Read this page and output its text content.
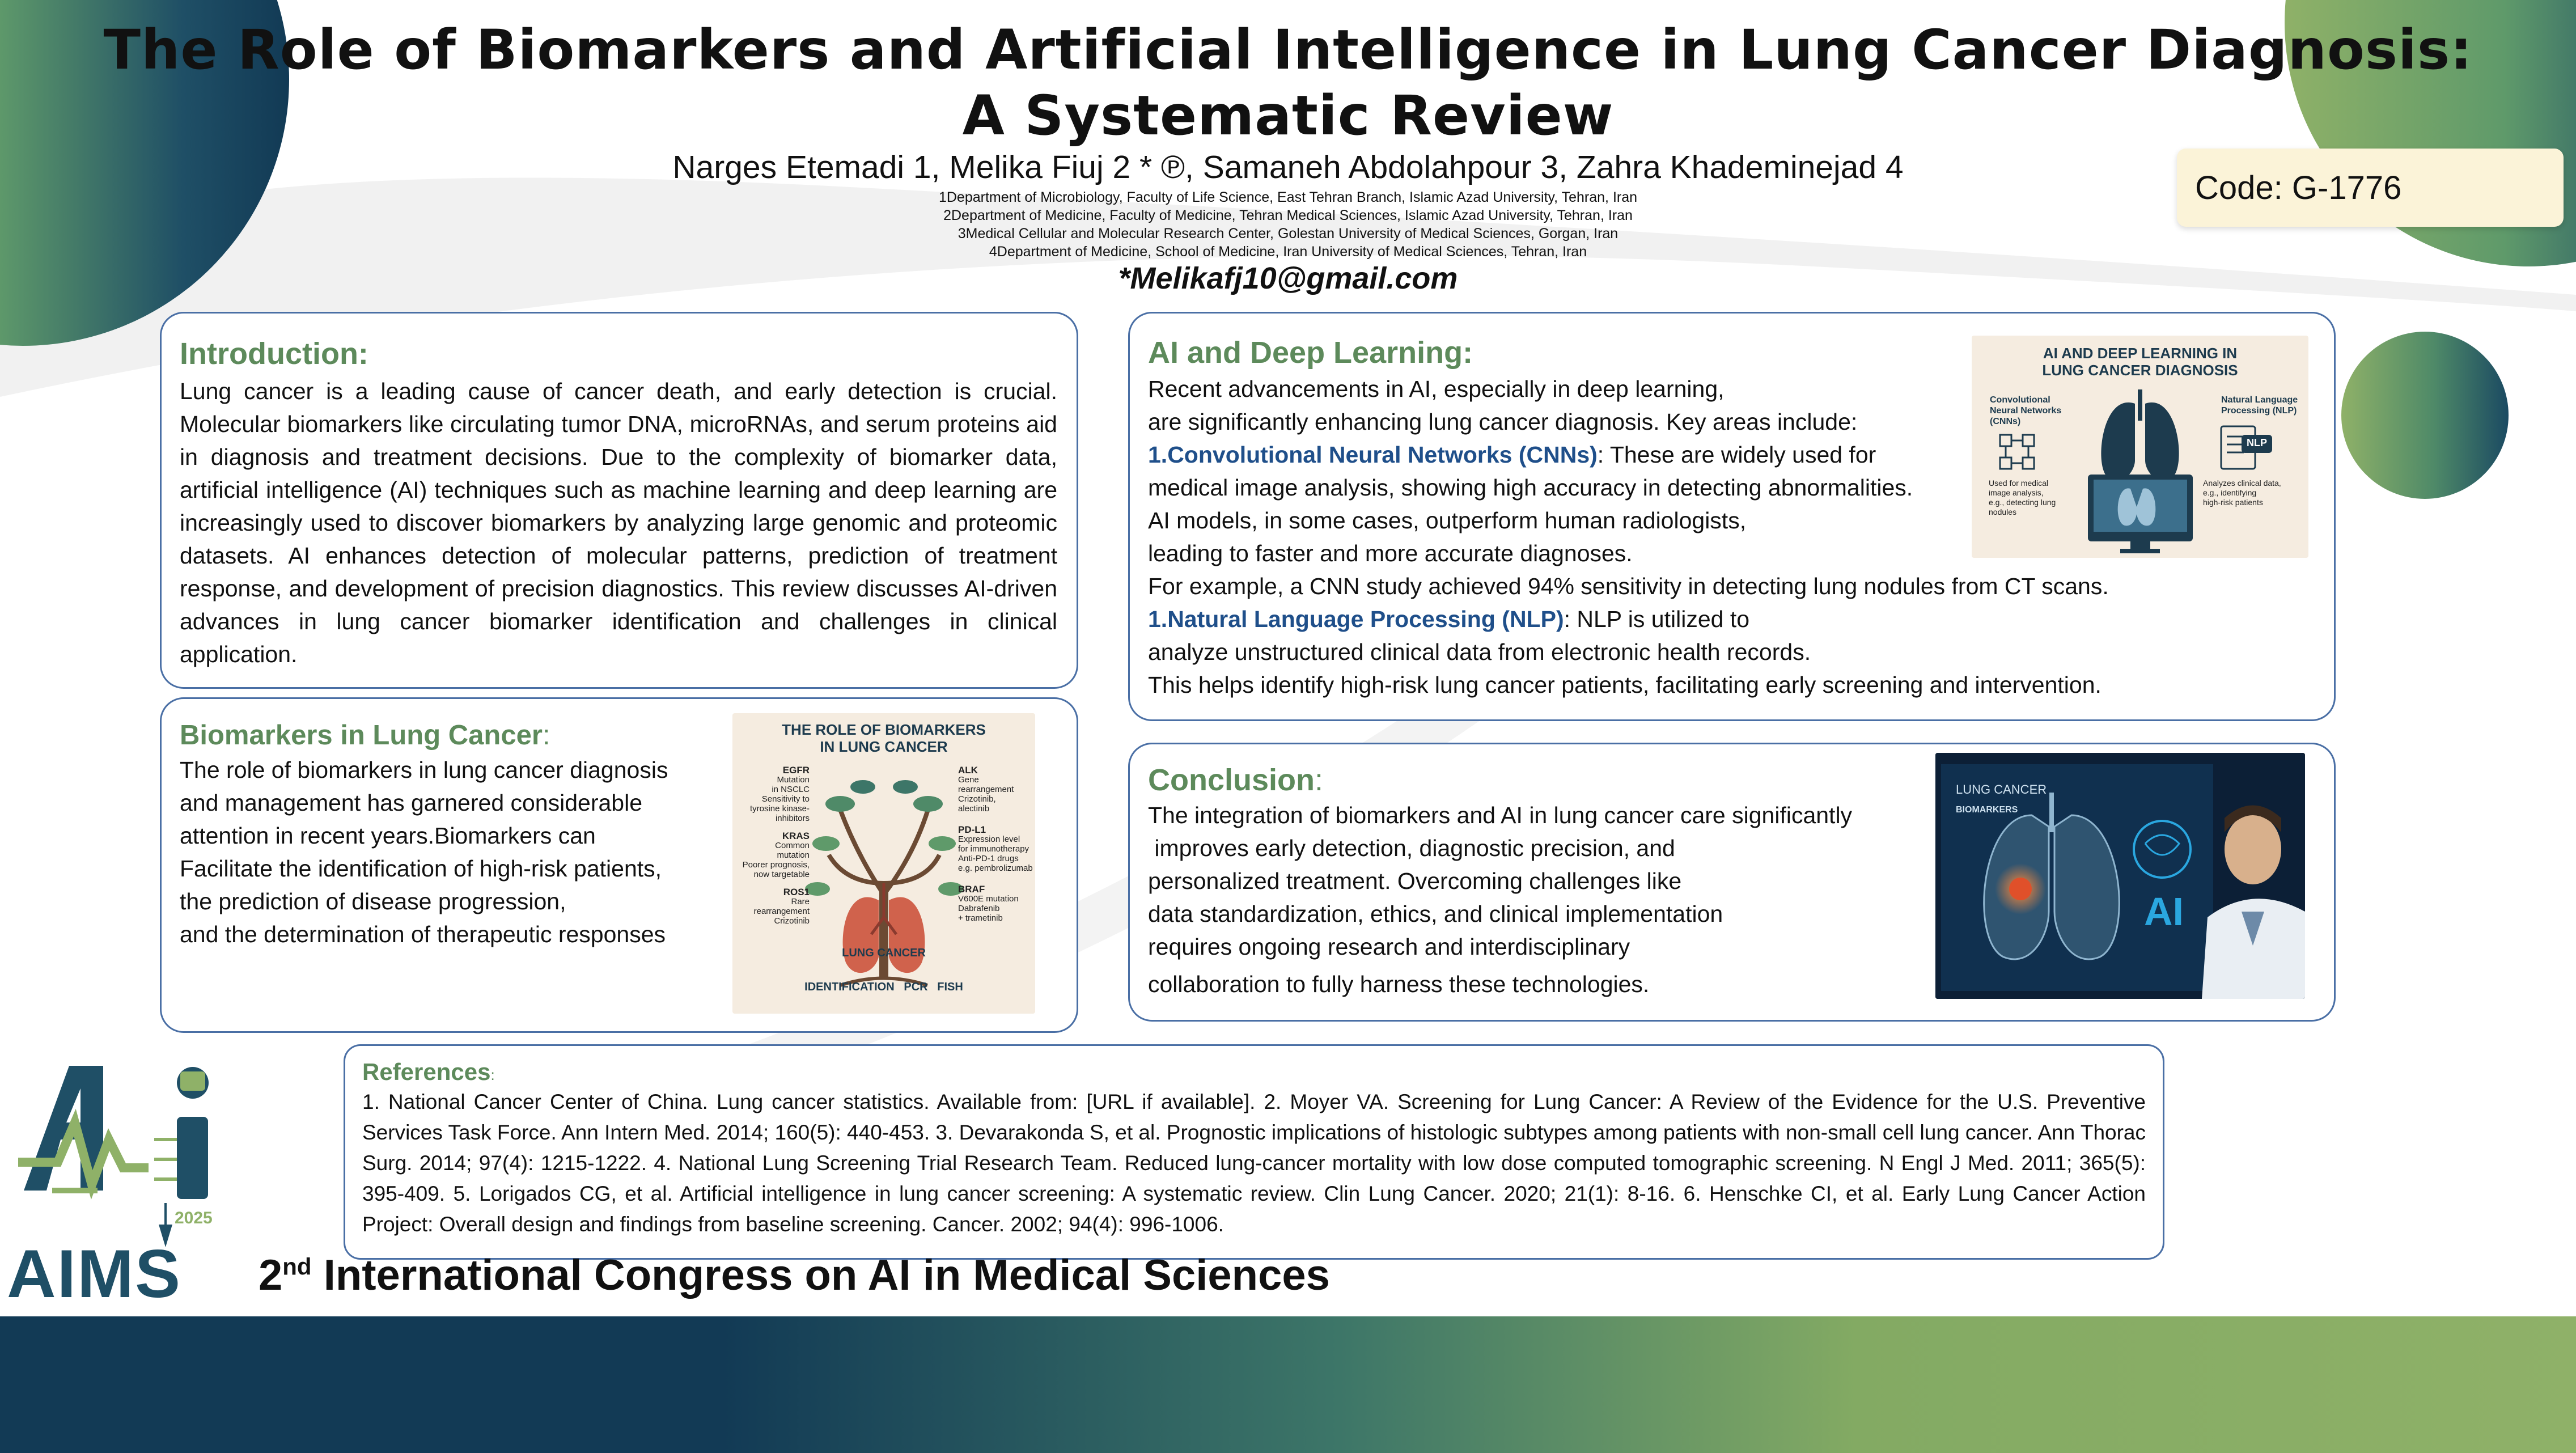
The Role of Biomarkers and Artificial Intelligence in Lung Cancer Diagnosis:
A Systematic Review
Narges Etemadi 1, Melika Fiuj 2 * ℗, Samaneh Abdolahpour 3, Zahra Khademinejad 4
1Department of Microbiology, Faculty of Life Science, East Tehran Branch, Islamic Azad University, Tehran, Iran
2Department of Medicine, Faculty of Medicine, Tehran Medical Sciences, Islamic Azad University, Tehran, Iran
3Medical Cellular and Molecular Research Center, Golestan University of Medical Sciences, Gorgan, Iran
4Department of Medicine, School of Medicine, Iran University of Medical Sciences, Tehran, Iran
*Melikafj10@gmail.com
Code: G-1776
Introduction:
Lung cancer is a leading cause of cancer death, and early detection is crucial. Molecular biomarkers like circulating tumor DNA, microRNAs, and serum proteins aid in diagnosis and treatment decisions. Due to the complexity of biomarker data, artificial intelligence (AI) techniques such as machine learning and deep learning are increasingly used to discover biomarkers by analyzing large genomic and proteomic datasets. AI enhances detection of molecular patterns, prediction of treatment response, and development of precision diagnostics. This review discusses AI-driven advances in lung cancer biomarker identification and challenges in clinical application.
Biomarkers in Lung Cancer:
The role of biomarkers in lung cancer diagnosis
and management has garnered considerable
attention in recent years.Biomarkers can
Facilitate the identification of high-risk patients,
the prediction of disease progression,
and the determination of therapeutic responses
THE ROLE OF BIOMARKERS
IN LUNG CANCER
EGFR
Mutation
in NSCLC
Sensitivity to
tyrosine kinase-
inhibitors
KRAS
Common
mutation
Poorer prognosis,
now targetable
ROS1
Rare
rearrangement
Crizotinib
ALK
Gene
rearrangement
Crizotinib,
alectinib
PD-L1
Expression level
for immunotherapy
Anti-PD-1 drugs
e.g. pembrolizumab
BRAF
V600E mutation
Dabrafenib
+ trametinib
LUNG CANCER
IDENTIFICATION   PCR   FISH
AI and Deep Learning:
Recent advancements in AI, especially in deep learning,
are significantly enhancing lung cancer diagnosis. Key areas include:
1.Convolutional Neural Networks (CNNs): These are widely used for
medical image analysis, showing high accuracy in detecting abnormalities.
AI models, in some cases, outperform human radiologists,
leading to faster and more accurate diagnoses.
For example, a CNN study achieved 94% sensitivity in detecting lung nodules from CT scans.
1.Natural Language Processing (NLP): NLP is utilized to
analyze unstructured clinical data from electronic health records.
This helps identify high-risk lung cancer patients, facilitating early screening and intervention.
AI AND DEEP LEARNING IN
LUNG CANCER DIAGNOSIS
Convolutional
Neural Networks
(CNNs)
Natural Language
Processing (NLP)
NLP
Used for medical
image analysis,
e.g., detecting lung
nodules
Analyzes clinical data,
e.g., identifying
high-risk patients
Conclusion:
The integration of biomarkers and AI in lung cancer care significantly
improves early detection, diagnostic precision, and
personalized treatment. Overcoming challenges like
data standardization, ethics, and clinical implementation
requires ongoing research and interdisciplinary
collaboration to fully harness these technologies.
LUNG CANCER
BIOMARKERS
AI
References:
1. National Cancer Center of China. Lung cancer statistics. Available from: [URL if available]. 2. Moyer VA. Screening for Lung Cancer: A Review of the Evidence for the U.S. Preventive Services Task Force. Ann Intern Med. 2014; 160(5): 440-453. 3. Devarakonda S, et al. Prognostic implications of histologic subtypes among patients with non-small cell lung cancer. Ann Thorac Surg. 2014; 97(4): 1215-1222. 4. National Lung Screening Trial Research Team. Reduced lung-cancer mortality with low dose computed tomographic screening. N Engl J Med. 2011; 365(5): 395-409. 5. Lorigados CG, et al. Artificial intelligence in lung cancer screening: A systematic review. Clin Lung Cancer. 2020; 21(1): 8-16. 6. Henschke CI, et al. Early Lung Cancer Action Project: Overall design and findings from baseline screening. Cancer. 2002; 94(4): 996-1006.
2nd International Congress on AI in Medical Sciences
AIMS
2025
